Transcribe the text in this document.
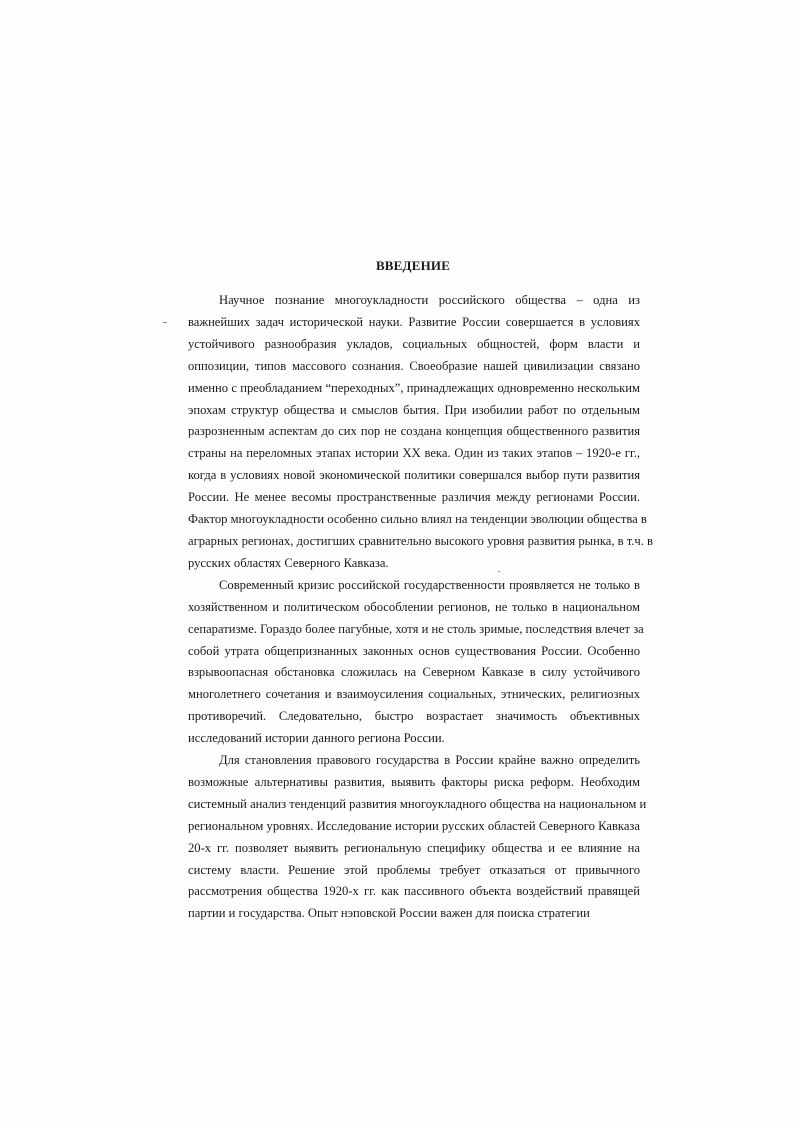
ВВЕДЕНИЕ
Научное познание многоукладности российского общества – одна из
важнейших задач исторической науки. Развитие России совершается в условиях
устойчивого разнообразия укладов, социальных общностей, форм власти и
оппозиции, типов массового сознания. Своеобразие нашей цивилизации связано
именно с преобладанием “переходных”, принадлежащих одновременно нескольким
эпохам структур общества и смыслов бытия. При изобилии работ по отдельным
разрозненным аспектам до сих пор не создана концепция общественного развития
страны на переломных этапах истории XX века. Один из таких этапов – 1920-е гг.,
когда в условиях новой экономической политики совершался выбор пути развития
России. Не менее весомы пространственные различия между регионами России.
Фактор многоукладности особенно сильно влиял на тенденции эволюции общества в
аграрных регионах, достигших сравнительно высокого уровня развития рынка, в т.ч. в
русских областях Северного Кавказа.
Современный кризис российской государственности проявляется не только в
хозяйственном и политическом обособлении регионов, не только в национальном
сепаратизме. Гораздо более пагубные, хотя и не столь зримые, последствия влечет за
собой утрата общепризнанных законных основ существования России. Особенно
взрывоопасная обстановка сложилась на Северном Кавказе в силу устойчивого
многолетнего сочетания и взаимоусиления социальных, этнических, религиозных
противоречий. Следовательно, быстро возрастает значимость объективных
исследований истории данного региона России.
Для становления правового государства в России крайне важно определить
возможные альтернативы развития, выявить факторы риска реформ. Необходим
системный анализ тенденций развития многоукладного общества на национальном и
региональном уровнях. Исследование истории русских областей Северного Кавказа
20-х гг. позволяет выявить региональную специфику общества и ее влияние на
систему власти. Решение этой проблемы требует отказаться от привычного
рассмотрения общества 1920-х гг. как пассивного объекта воздействий правящей
партии и государства. Опыт нэповской России важен для поиска стратегии
